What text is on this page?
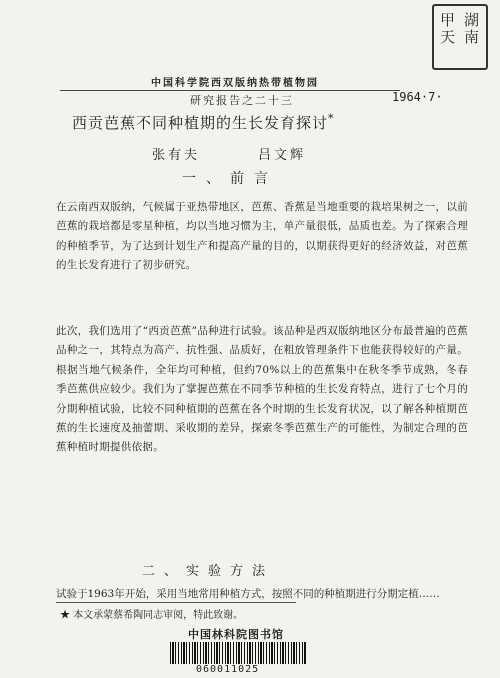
湖南
甲天
中国科学院西双版纳热带植物园
研究报告之二十三	1964·7·
西贡芭蕉不同种植期的生长发育探讨*
张有夫	吕文辉
一、前言

在云南西双版纳，气候属于亚热带地区，芭蕉、香蕉是当地重要的栽培果树之一，以前芭蕉的栽培都是零星种植，均以当地习惯为主，单产量很低，品质也差。为了探索合理的种植季节，为了达到计划生产和提高产量的目的，以期获得更好的经济效益，对芭蕉的生长发育进行了初步研究。

此次，我们选用了“西贡芭蕉”品种进行试验。该品种是西双版纳地区分布最普遍的芭蕉品种之一，其特点为高产、抗性强、品质好，在粗放管理条件下也能获得较好的产量。根据当地气候条件，全年均可种植，但约70%以上的芭蕉集中在秋冬季节成熟，冬春季芭蕉供应较少。我们为了掌握芭蕉在不同季节种植的生长发育特点，进行了七个月的分期种植试验，比较不同种植期的芭蕉在各个时期的生长发育状况，以了解各种植期芭蕉的生长速度及抽蕾期、采收期的差异，探索冬季芭蕉生产的可能性，为制定合理的芭蕉种植时期提供依据。

二、实验方法

试验于1963年开始，采用当地常用种植方式，按照不同的种植期进行分期定植……

★ 本文承蒙蔡希陶同志审阅，特此致谢。
中国林科院图书馆
060011025
